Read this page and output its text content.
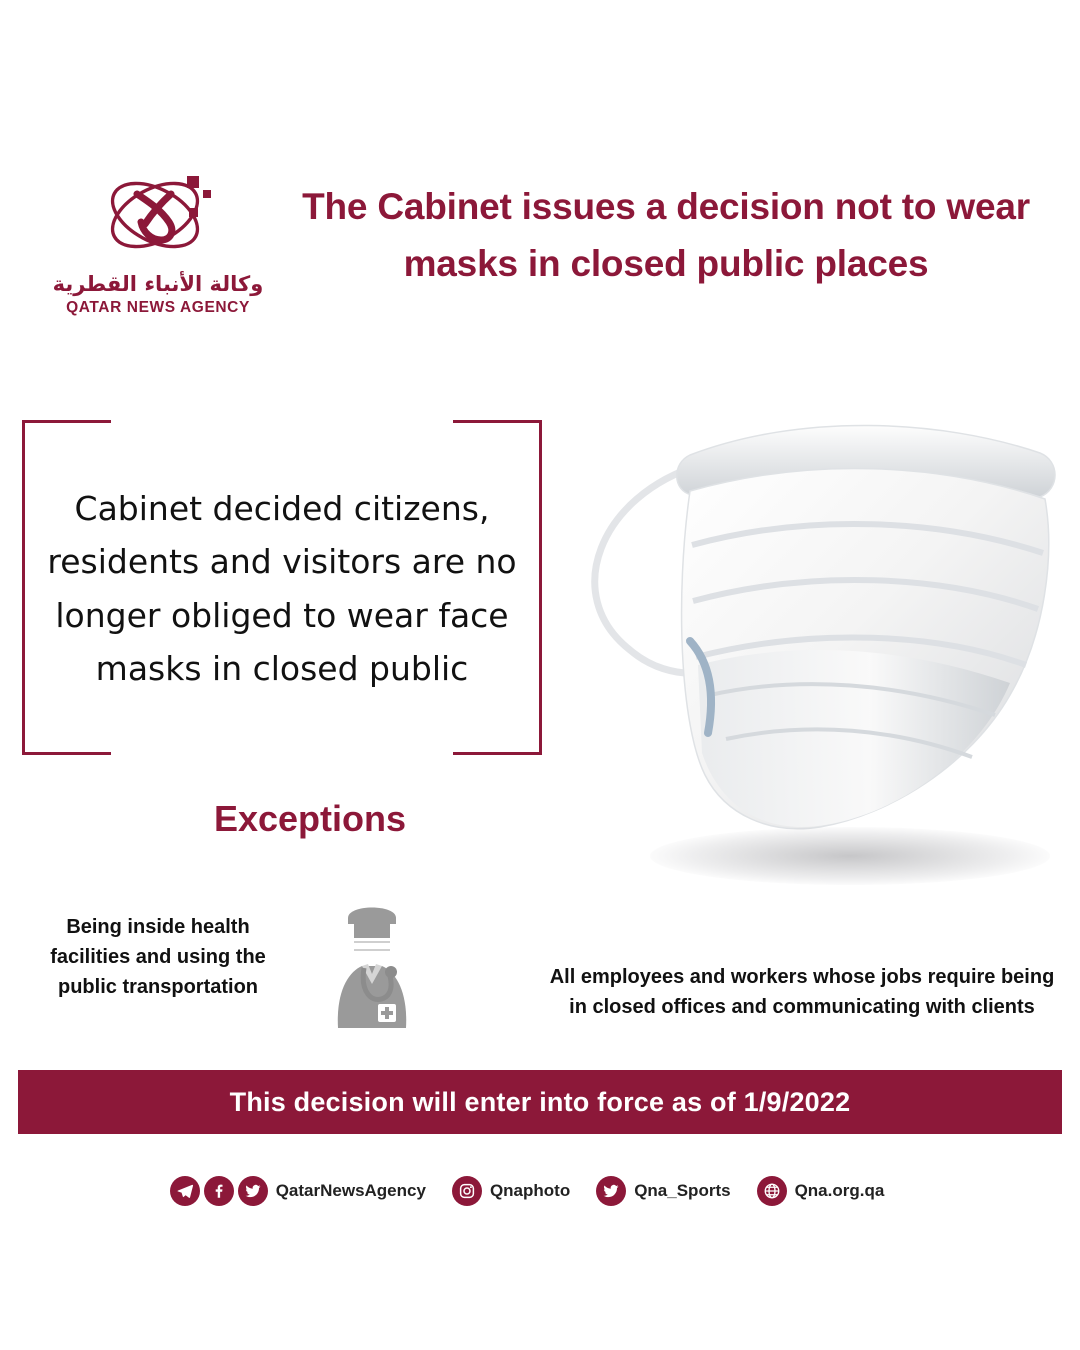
وكالة الأنباء القطرية
QATAR NEWS AGENCY
The Cabinet issues a decision not to wear masks in closed public places
Cabinet decided citizens, residents and visitors are no longer obliged to wear face masks in closed public
Exceptions
Being inside health facilities and using the public transportation	All employees and workers whose jobs require being in closed offices and communicating with clients
This decision will enter into force as of 1/9/2022
QatarNewsAgency	Qnaphoto	Qna_Sports	Qna.org.qa
